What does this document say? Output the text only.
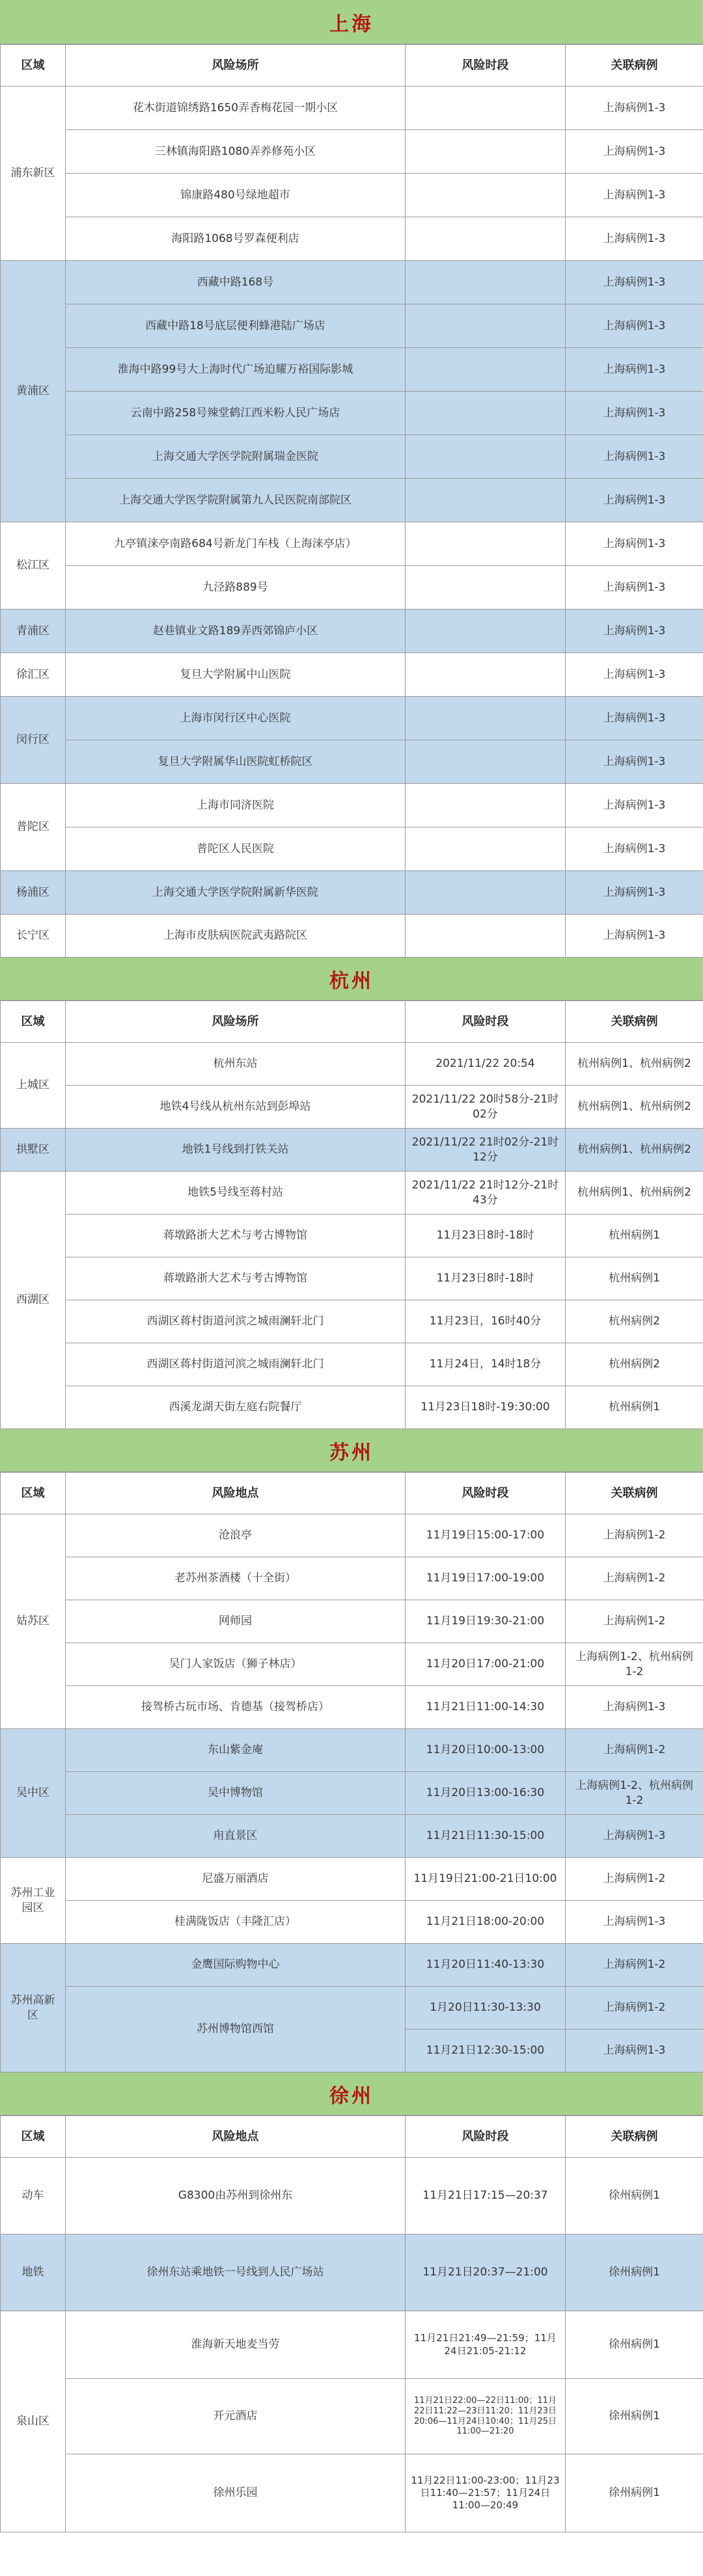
上海
区域	风险场所	风险时段	关联病例
浦东新区	花木街道锦绣路1650弄香梅花园一期小区		上海病例1-3
	三林镇海阳路1080弄养修苑小区		上海病例1-3
	锦康路480号绿地超市		上海病例1-3
	海阳路1068号罗森便利店		上海病例1-3
黄浦区	西藏中路168号		上海病例1-3
	西藏中路18号底层便利蜂港陆广场店		上海病例1-3
	淮海中路99号大上海时代广场迫耀万裕国际影城		上海病例1-3
	云南中路258号辣堂鹤江西米粉人民广场店		上海病例1-3
	上海交通大学医学院附属瑞金医院		上海病例1-3
	上海交通大学医学院附属第九人民医院南部院区		上海病例1-3
松江区	九亭镇涞亭南路684号新龙门车栈（上海涞亭店）		上海病例1-3
	九泾路889号		上海病例1-3
青浦区	赵巷镇业文路189弄西郊锦庐小区		上海病例1-3
徐汇区	复旦大学附属中山医院		上海病例1-3
闵行区	上海市闵行区中心医院		上海病例1-3
	复旦大学附属华山医院虹桥院区		上海病例1-3
普陀区	上海市同济医院		上海病例1-3
	普陀区人民医院		上海病例1-3
杨浦区	上海交通大学医学院附属新华医院		上海病例1-3
长宁区	上海市皮肤病医院武夷路院区		上海病例1-3
杭州
区域	风险场所	风险时段	关联病例
上城区	杭州东站	2021/11/22 20:54	杭州病例1、杭州病例2
	地铁4号线从杭州东站到彭埠站	2021/11/22 20时58分-21时02分	杭州病例1、杭州病例2
拱墅区	地铁1号线到打铁关站	2021/11/22 21时02分-21时12分	杭州病例1、杭州病例2
西湖区	地铁5号线至蒋村站	2021/11/22 21时12分-21时43分	杭州病例1、杭州病例2
	蒋墩路浙大艺术与考古博物馆	11月23日8时-18时	杭州病例1
	蒋墩路浙大艺术与考古博物馆	11月23日8时-18时	杭州病例1
	西湖区蒋村街道河滨之城雨澜轩北门	11月23日，16时40分	杭州病例2
	西湖区蒋村街道河滨之城雨澜轩北门	11月24日，14时18分	杭州病例2
	西溪龙湖天街左庭右院餐厅	11月23日18时-19:30:00	杭州病例1
苏州
区域	风险地点	风险时段	关联病例
姑苏区	沧浪亭	11月19日15:00-17:00	上海病例1-2
	老苏州茶酒楼（十全街）	11月19日17:00-19:00	上海病例1-2
	网师园	11月19日19:30-21:00	上海病例1-2
	吴门人家饭店（狮子林店）	11月20日17:00-21:00	上海病例1-2、杭州病例1-2
	接驾桥古玩市场、肯德基（接驾桥店）	11月21日11:00-14:30	上海病例1-3
吴中区	东山紫金庵	11月20日10:00-13:00	上海病例1-2
	吴中博物馆	11月20日13:00-16:30	上海病例1-2、杭州病例1-2
	甪直景区	11月21日11:30-15:00	上海病例1-3
苏州工业园区	尼盛万丽酒店	11月19日21:00-21日10:00	上海病例1-2
	桂满陇饭店（丰隆汇店）	11月21日18:00-20:00	上海病例1-3
苏州高新区	金鹰国际购物中心	11月20日11:40-13:30	上海病例1-2
	苏州博物馆西馆	1月20日11:30-13:30	上海病例1-2
		11月21日12:30-15:00	上海病例1-3
徐州
区域	风险地点	风险时段	关联病例
动车	G8300由苏州到徐州东	11月21日17:15—20:37	徐州病例1
地铁	徐州东站乘地铁一号线到人民广场站	11月21日20:37—21:00	徐州病例1
泉山区	淮海新天地麦当劳	11月21日21:49—21:59；11月24日21:05-21:12	徐州病例1
	开元酒店	11月21日22:00—22日11:00；11月22日11:22—23日11:20；11月23日20:06—11月24日10:40；11月25日11:00—21:20	徐州病例1
	徐州乐园	11月22日11:00-23:00；11月23日11:40—21:57；11月24日11:00—20:49	徐州病例1
